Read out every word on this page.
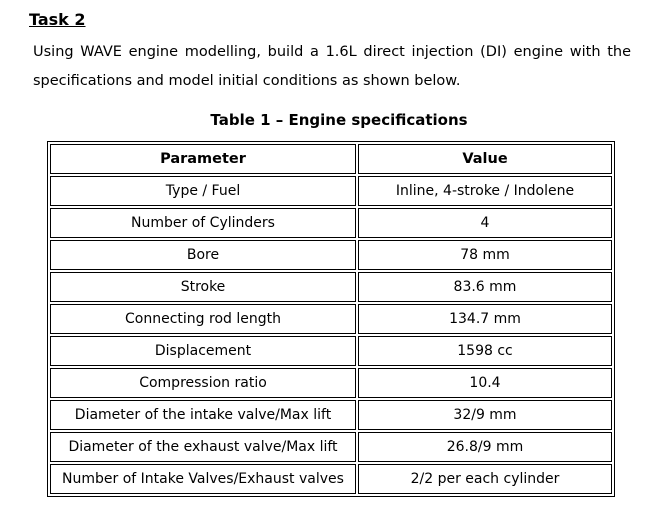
Task 2

Using WAVE engine modelling, build a 1.6L direct injection (DI) engine with the specifications and model initial conditions as shown below.

Table 1 – Engine specifications
Parameter	Value
Type / Fuel	Inline, 4-stroke / Indolene
Number of Cylinders	4
Bore	78 mm
Stroke	83.6 mm
Connecting rod length	134.7 mm
Displacement	1598 cc
Compression ratio	10.4
Diameter of the intake valve/Max lift	32/9 mm
Diameter of the exhaust valve/Max lift	26.8/9 mm
Number of Intake Valves/Exhaust valves	2/2 per each cylinder
